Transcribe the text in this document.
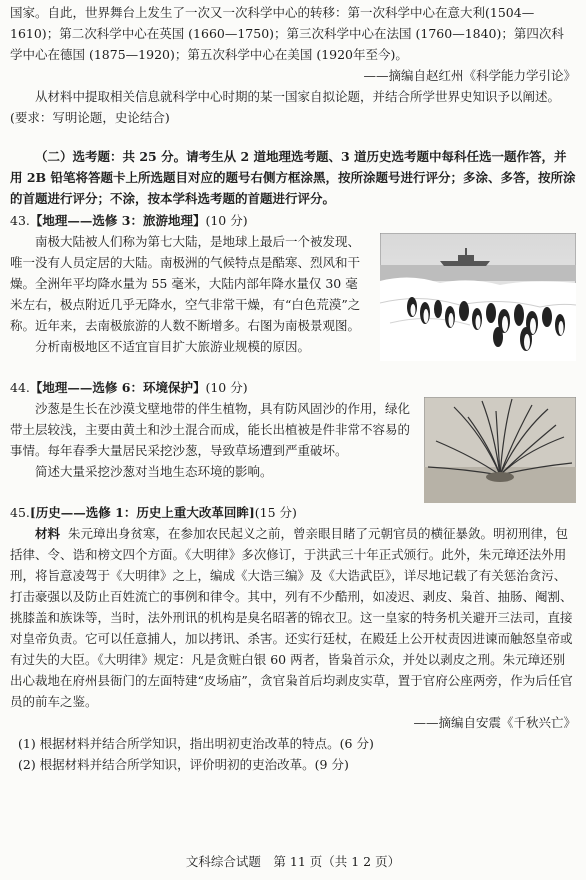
国家。自此，世界舞台上发生了一次又一次科学中心的转移：第一次科学中心在意大利(1504—1610)；第二次科学中心在英国 (1660—1750)；第三次科学中心在法国 (1760—1840)；第四次科学中心在德国 (1875—1920)；第五次科学中心在美国 (1920年至今)。

——摘编自赵红州《科学能力学引论》

从材料中提取相关信息就科学中心时期的某一国家自拟论题，并结合所学世界史知识予以阐述。(要求：写明论题，史论结合)

（二）选考题：共 25 分。请考生从 2 道地理选考题、3 道历史选考题中每科任选一题作答，并用 2B 铅笔将答题卡上所选题目对应的题号右侧方框涂黑，按所涂题号进行评分；多涂、多答，按所涂的首题进行评分；不涂，按本学科选考题的首题进行评分。

43.【地理——选修 3：旅游地理】(10 分)

南极大陆被人们称为第七大陆，是地球上最后一个被发现、唯一没有人员定居的大陆。南极洲的气候特点是酷寒、烈风和干燥。全洲年平均降水量为 55 毫米，大陆内部年降水量仅 30 毫米左右，极点附近几乎无降水，空气非常干燥，有“白色荒漠”之称。近年来，去南极旅游的人数不断增多。右图为南极景观图。

分析南极地区不适宜盲目扩大旅游业规模的原因。

44.【地理——选修 6：环境保护】(10 分)

沙葱是生长在沙漠戈壁地带的伴生植物，具有防风固沙的作用，绿化带土层较浅，主要由黄土和沙土混合而成，能长出植被是件非常不容易的事情。每年春季大量居民采挖沙葱，导致草场遭到严重破坏。

简述大量采挖沙葱对当地生态环境的影响。

45.[历史——选修 1：历史上重大改革回眸](15 分)

材料 朱元璋出身贫寒，在参加农民起义之前，曾亲眼目睹了元朝官员的横征暴敛。明初刑律，包括律、令、诰和榜文四个方面。《大明律》多次修订，于洪武三十年正式颁行。此外，朱元璋还法外用刑，将旨意凌驾于《大明律》之上，编成《大诰三编》及《大诰武臣》，详尽地记载了有关惩治贪污、打击豪强以及防止百姓流亡的事例和律令。其中，列有不少酷刑，如凌迟、剥皮、枭首、抽肠、阉割、挑膝盖和族诛等，当时，法外刑讯的机构是臭名昭著的锦衣卫。这一皇家的特务机关避开三法司，直接对皇帝负责。它可以任意捕人，加以拷讯、杀害。还实行廷杖，在殿廷上公开杖责因进谏而触怒皇帝或有过失的大臣。《大明律》规定：凡是贪赃白银 60 两者，皆枭首示众，并处以剥皮之刑。朱元璋还别出心裁地在府州县衙门的左面特建“皮场庙”，贪官枭首后均剥皮实草，置于官府公座两旁，作为后任官员的前车之鉴。

——摘编自安震《千秋兴亡》

(1) 根据材料并结合所学知识，指出明初吏治改革的特点。(6 分)

(2) 根据材料并结合所学知识，评价明初的吏治改革。(9 分)

文科综合试题　第 11 页（共 1 2 页）
